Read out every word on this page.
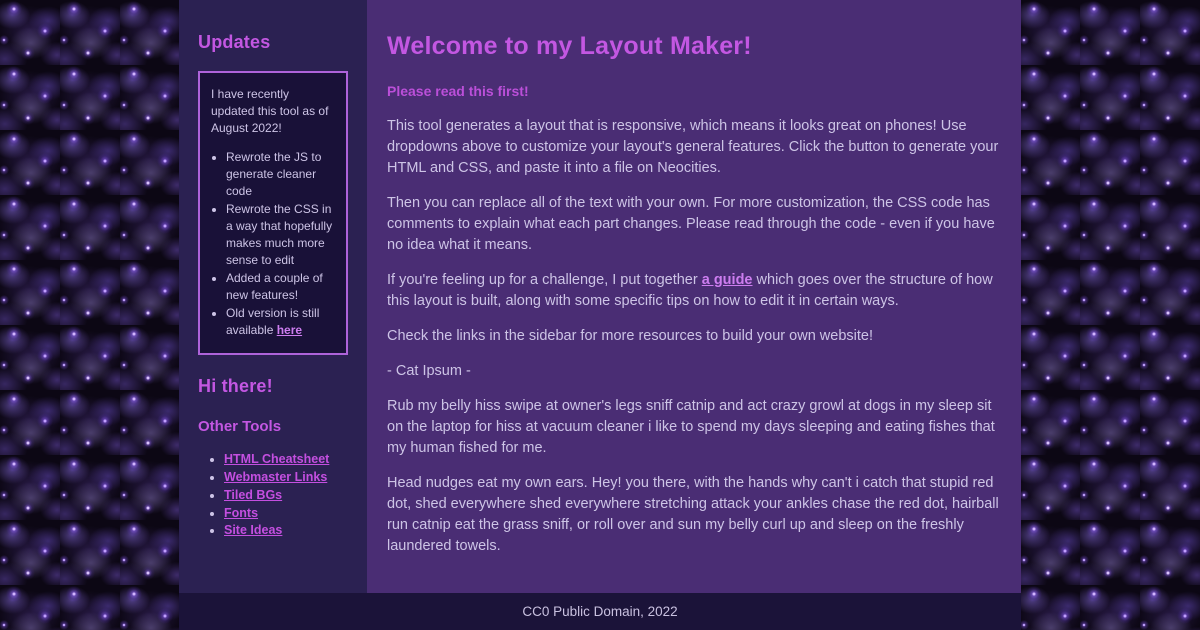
Updates

I have recently updated this tool as of August 2022!

• Rewrote the JS to generate cleaner code
• Rewrote the CSS in a way that hopefully makes much more sense to edit
• Added a couple of new features!
• Old version is still available here
Hi there!
Other Tools
• HTML Cheatsheet
• Webmaster Links
• Tiled BGs
• Fonts
• Site Ideas
Welcome to my Layout Maker!
Please read this first!

This tool generates a layout that is responsive, which means it looks great on phones! Use dropdowns above to customize your layout's general features. Click the button to generate your HTML and CSS, and paste it into a file on Neocities.

Then you can replace all of the text with your own. For more customization, the CSS code has comments to explain what each part changes. Please read through the code - even if you have no idea what it means.

If you're feeling up for a challenge, I put together a guide which goes over the structure of how this layout is built, along with some specific tips on how to edit it in certain ways.

Check the links in the sidebar for more resources to build your own website!

- Cat Ipsum -

Rub my belly hiss swipe at owner's legs sniff catnip and act crazy growl at dogs in my sleep sit on the laptop for hiss at vacuum cleaner i like to spend my days sleeping and eating fishes that my human fished for me.

Head nudges eat my own ears. Hey! you there, with the hands why can't i catch that stupid red dot, shed everywhere shed everywhere stretching attack your ankles chase the red dot, hairball run catnip eat the grass sniff, or roll over and sun my belly curl up and sleep on the freshly laundered towels.

CC0 Public Domain, 2022
